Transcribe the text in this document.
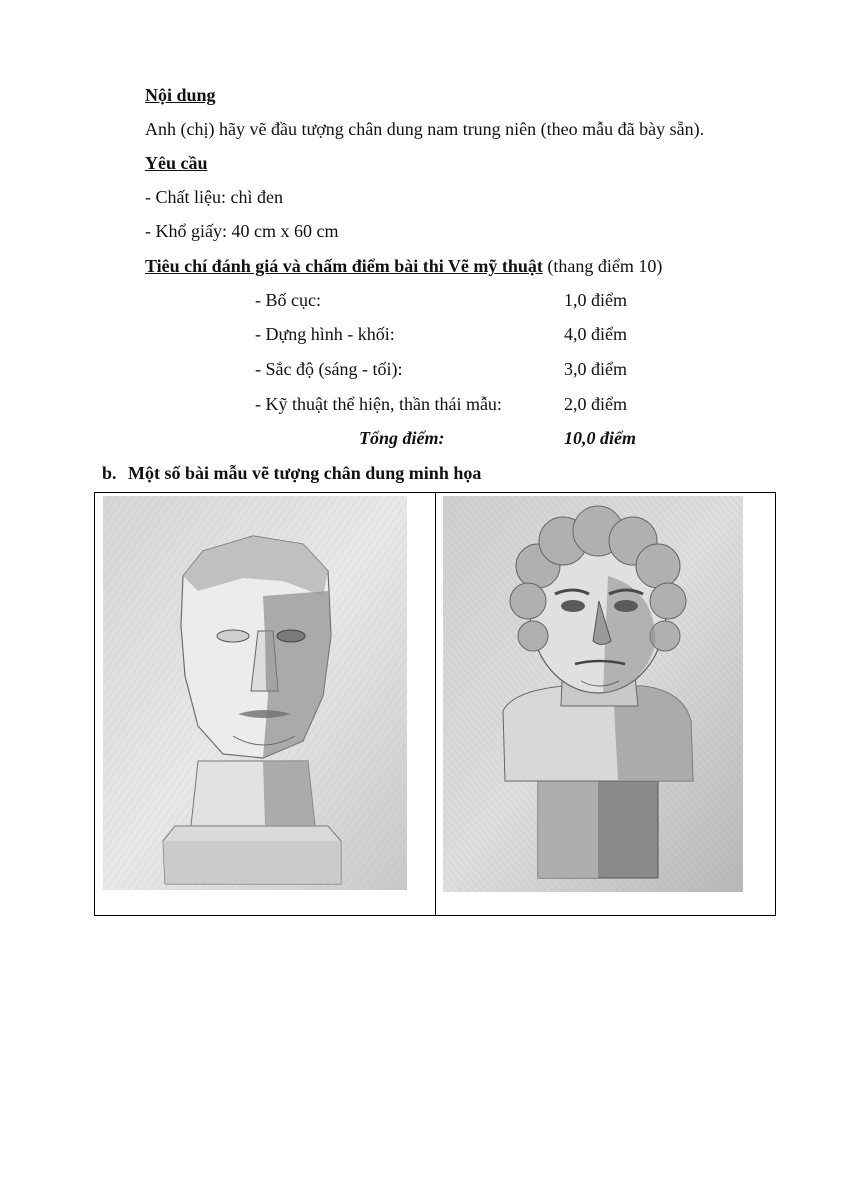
Nội dung
Anh (chị) hãy vẽ đầu tượng chân dung nam trung niên (theo mẫu đã bày sẵn).
Yêu cầu
- Chất liệu: chì đen
- Khổ giấy: 40 cm x 60 cm
Tiêu chí đánh giá và chấm điểm bài thi Vẽ mỹ thuật (thang điểm 10)
- Bố cục:	1,0 điểm
- Dựng hình - khối:	4,0 điểm
- Sắc độ (sáng - tối):	3,0 điểm
- Kỹ thuật thể hiện, thần thái mẫu:	2,0 điểm
Tổng điểm:	10,0 điểm
b. Một số bài mẫu vẽ tượng chân dung minh họa
